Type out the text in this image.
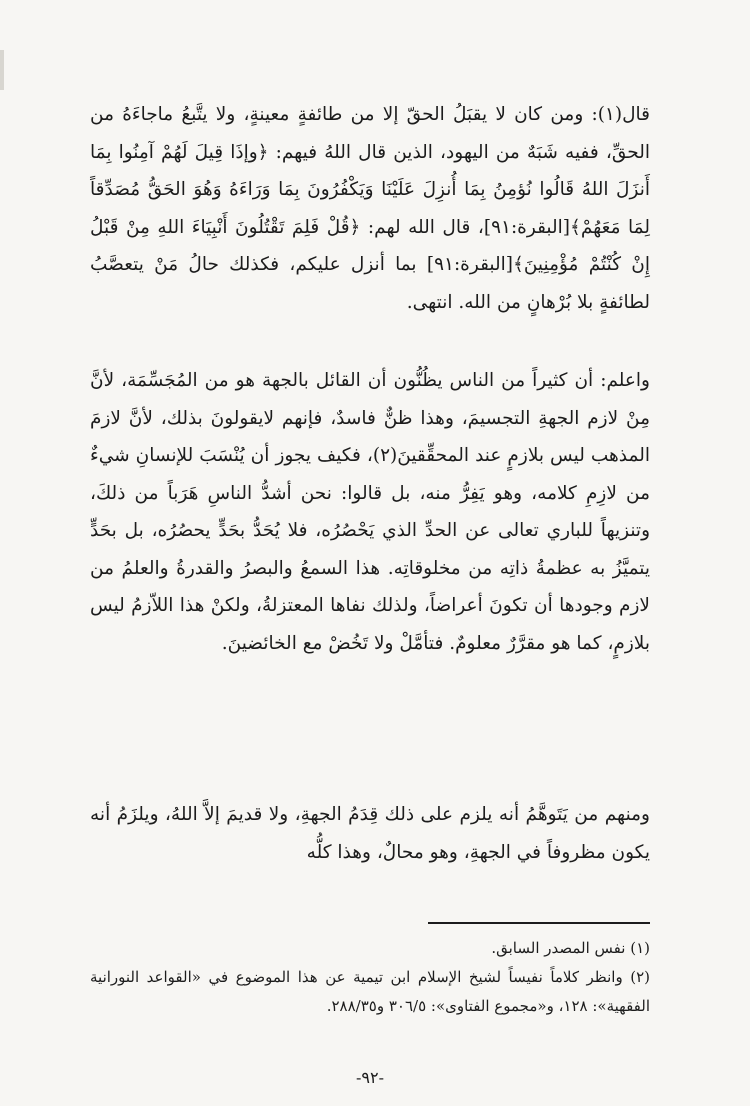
قال(١): ومن كان لا يقبَلُ الحقّ إلا من طائفةٍ معينةٍ، ولا يتَّبعُ ماجاءَهُ من الحقِّ، ففيه شَبَهٌ من اليهود، الذين قال اللهُ فيهم: ﴿وإذَا قِيلَ لَهُمْ آمِنُوا بِمَا أَنزَلَ اللهُ قَالُوا نُؤمِنُ بِمَا أُنزِلَ عَلَيْنَا وَيَكْفُرُونَ بِمَا وَرَاءَهُ وَهُوَ الحَقُّ مُصَدِّقاً لِمَا مَعَهُمْ﴾[البقرة:٩١]، قال الله لهم: ﴿قُلْ فَلِمَ تَقْتُلُونَ أَنْبِيَاءَ اللهِ مِنْ قَبْلُ إِنْ كُنْتُمْ مُؤْمِنِينَ﴾[البقرة:٩١] بما أنزل عليكم، فكذلك حالُ مَنْ يتعصَّبُ لطائفةٍ بلا بُرْهانٍ من الله. انتهى.

واعلم: أن كثيراً من الناس يظُنُّون أن القائل بالجهة هو من المُجَسِّمَة، لأنَّ مِنْ لازم الجهةِ التجسيمَ، وهذا ظنٌّ فاسدٌ، فإنهم لايقولونَ بذلك، لأنَّ لازمَ المذهب ليس بلازمٍ عند المحقِّقينَ(٢)، فكيف يجوز أن يُنْسَبَ للإنسانِ شيءٌ من لازِمِ كلامه، وهو يَفِرُّ منه، بل قالوا: نحن أشدُّ الناسِ هَرَباً من ذلكَ، وتنزيهاً للباري تعالى عن الحدِّ الذي يَحْصُرُه، فلا يُحَدُّ بحَدٍّ يحصُرُه، بل بحَدٍّ يتميَّزُ به عظمةُ ذاتِه من مخلوقاتِه. هذا السمعُ والبصرُ والقدرةُ والعلمُ من لازم وجودها أن تكونَ أعراضاً، ولذلك نفاها المعتزلةُ، ولكنْ هذا اللاّزمُ ليس بلازمٍ، كما هو مقرَّرٌ معلومٌ. فتأمَّلْ ولا تَخُضْ مع الخائضينَ.

ومنهم من يَتَوهَّمُ أنه يلزم على ذلك قِدَمُ الجهةِ، ولا قديمَ إلاَّ اللهُ، ويلزَمُ أنه يكون مظروفاً في الجهةِ، وهو محالٌ، وهذا كلُّه

(١) نفس المصدر السابق.

(٢) وانظر كلاماً نفيساً لشيخ الإسلام ابن تيمية عن هذا الموضوع في «القواعد النورانية الفقهية»: ١٢٨، و«مجموع الفتاوى»: ٣٠٦/٥ و٢٨٨/٣٥.

-٩٢-
